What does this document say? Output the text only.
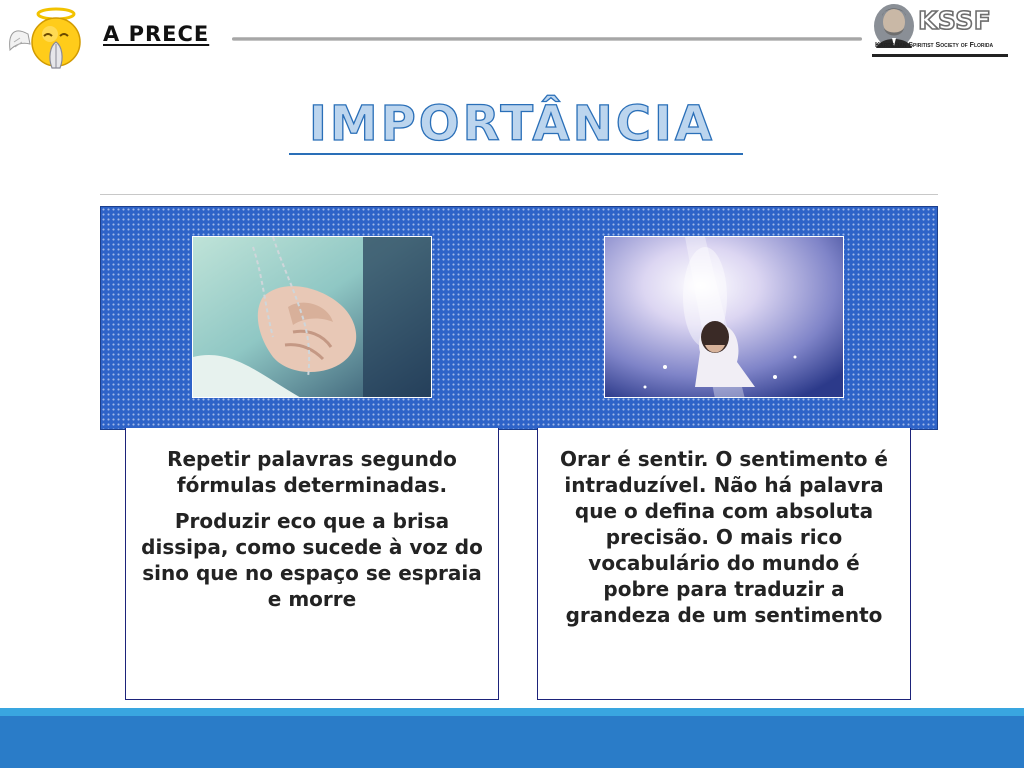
A PRECE	KSSF
Kardecian Spiritist Society of Florida
IMPORTÂNCIA

Repetir palavras segundo fórmulas determinadas.

Produzir eco que a brisa dissipa, como sucede à voz do sino que no espaço se espraia e morre

Orar é sentir. O sentimento é intraduzível. Não há palavra que o defina com absoluta precisão. O mais rico vocabulário do mundo é pobre para traduzir a grandeza de um sentimento
